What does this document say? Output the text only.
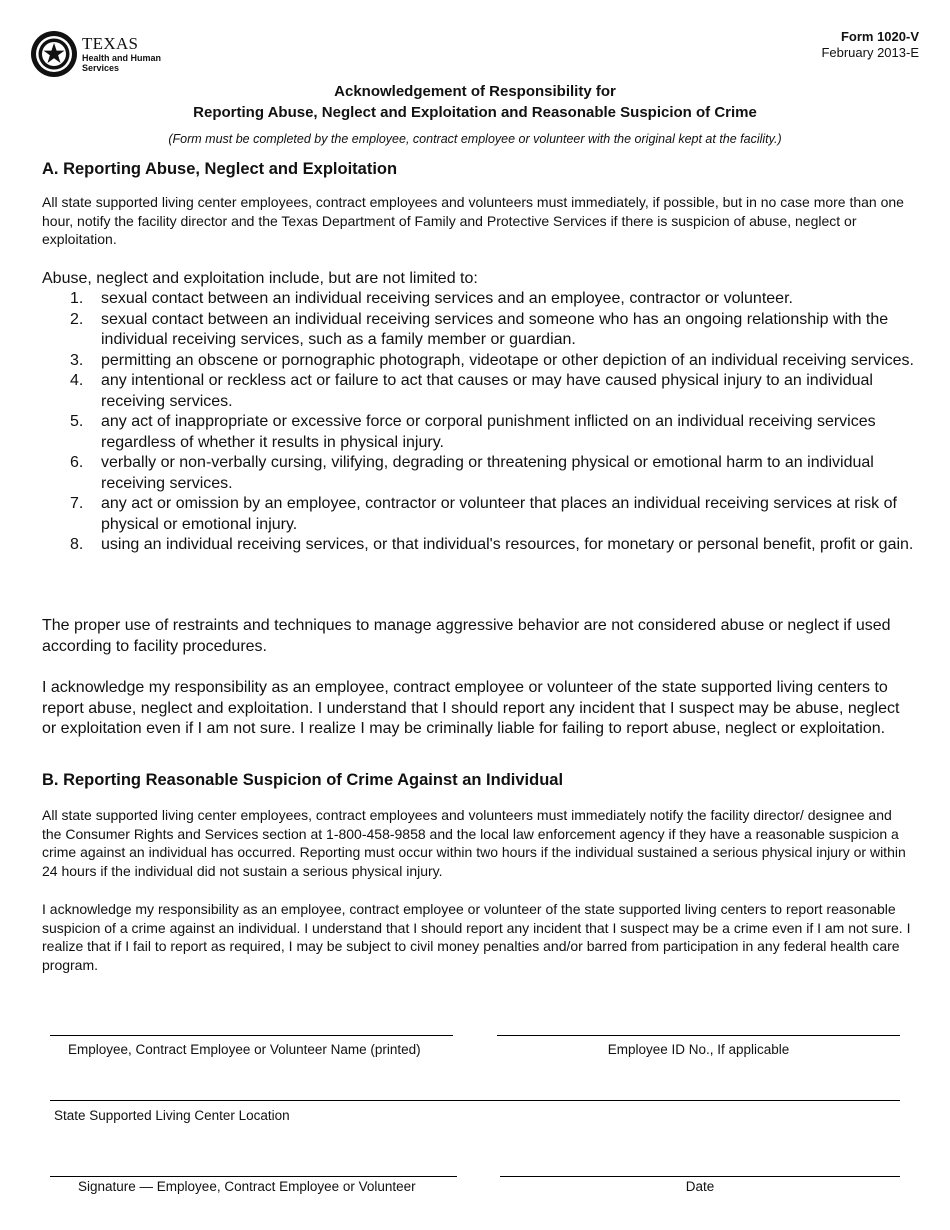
TEXAS
Health and Human Services
Form 1020-V
February 2013-E
Acknowledgement of Responsibility for
Reporting Abuse, Neglect and Exploitation and Reasonable Suspicion of Crime
(Form must be completed by the employee, contract employee or volunteer with the original kept at the facility.)
A. Reporting Abuse, Neglect and Exploitation

All state supported living center employees, contract employees and volunteers must immediately, if possible, but in no case more than one hour, notify the facility director and the Texas Department of Family and Protective Services if there is suspicion of abuse, neglect or exploitation.

Abuse, neglect and exploitation include, but are not limited to:

1. sexual contact between an individual receiving services and an employee, contractor or volunteer.
2. sexual contact between an individual receiving services and someone who has an ongoing relationship with the individual receiving services, such as a family member or guardian.
3. permitting an obscene or pornographic photograph, videotape or other depiction of an individual receiving services.
4. any intentional or reckless act or failure to act that causes or may have caused physical injury to an individual receiving services.
5. any act of inappropriate or excessive force or corporal punishment inflicted on an individual receiving services regardless of whether it results in physical injury.
6. verbally or non-verbally cursing, vilifying, degrading or threatening physical or emotional harm to an individual receiving services.
7. any act or omission by an employee, contractor or volunteer that places an individual receiving services at risk of physical or emotional injury.
8. using an individual receiving services, or that individual's resources, for monetary or personal benefit, profit or gain.

The proper use of restraints and techniques to manage aggressive behavior are not considered abuse or neglect if used according to facility procedures.

I acknowledge my responsibility as an employee, contract employee or volunteer of the state supported living centers to report abuse, neglect and exploitation. I understand that I should report any incident that I suspect may be abuse, neglect or exploitation even if I am not sure. I realize I may be criminally liable for failing to report abuse, neglect or exploitation.

B. Reporting Reasonable Suspicion of Crime Against an Individual

All state supported living center employees, contract employees and volunteers must immediately notify the facility director/ designee and the Consumer Rights and Services section at 1-800-458-9858 and the local law enforcement agency if they have a reasonable suspicion a crime against an individual has occurred. Reporting must occur within two hours if the individual sustained a serious physical injury or within 24 hours if the individual did not sustain a serious physical injury.

I acknowledge my responsibility as an employee, contract employee or volunteer of the state supported living centers to report reasonable suspicion of a crime against an individual. I understand that I should report any incident that I suspect may be a crime even if I am not sure. I realize that if I fail to report as required, I may be subject to civil money penalties and/or barred from participation in any federal health care program.

Employee, Contract Employee or Volunteer Name (printed)	Employee ID No., If applicable
State Supported Living Center Location
Signature — Employee, Contract Employee or Volunteer	Date
